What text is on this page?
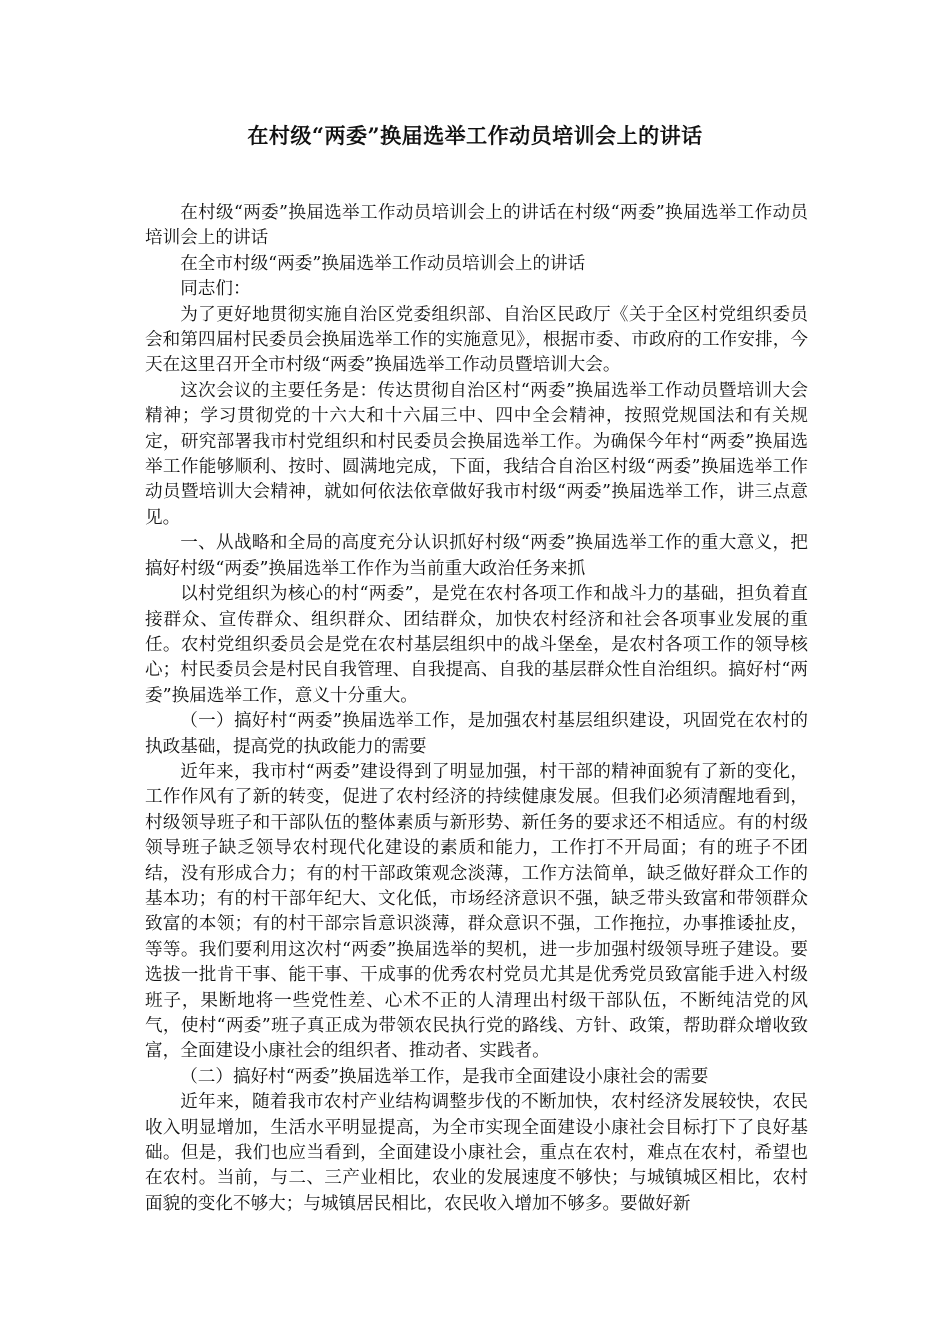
在村级“两委”换届选举工作动员培训会上的讲话

在村级“两委”换届选举工作动员培训会上的讲话在村级“两委”换届选举工作动员培训会上的讲话

在全市村级“两委”换届选举工作动员培训会上的讲话

同志们：

为了更好地贯彻实施自治区党委组织部、自治区民政厅《关于全区村党组织委员会和第四届村民委员会换届选举工作的实施意见》，根据市委、市政府的工作安排，今天在这里召开全市村级“两委”换届选举工作动员暨培训大会。

这次会议的主要任务是：传达贯彻自治区村“两委”换届选举工作动员暨培训大会精神；学习贯彻党的十六大和十六届三中、四中全会精神，按照党规国法和有关规定，研究部署我市村党组织和村民委员会换届选举工作。为确保今年村“两委”换届选举工作能够顺利、按时、圆满地完成，下面，我结合自治区村级“两委”换届选举工作动员暨培训大会精神，就如何依法依章做好我市村级“两委”换届选举工作，讲三点意见。

一、从战略和全局的高度充分认识抓好村级“两委”换届选举工作的重大意义，把搞好村级“两委”换届选举工作作为当前重大政治任务来抓

以村党组织为核心的村“两委”，是党在农村各项工作和战斗力的基础，担负着直接群众、宣传群众、组织群众、团结群众，加快农村经济和社会各项事业发展的重任。农村党组织委员会是党在农村基层组织中的战斗堡垒，是农村各项工作的领导核心；村民委员会是村民自我管理、自我提高、自我的基层群众性自治组织。搞好村“两委”换届选举工作，意义十分重大。

（一）搞好村“两委”换届选举工作，是加强农村基层组织建设，巩固党在农村的执政基础，提高党的执政能力的需要

近年来，我市村“两委”建设得到了明显加强，村干部的精神面貌有了新的变化，工作作风有了新的转变，促进了农村经济的持续健康发展。但我们必须清醒地看到，村级领导班子和干部队伍的整体素质与新形势、新任务的要求还不相适应。有的村级领导班子缺乏领导农村现代化建设的素质和能力，工作打不开局面；有的班子不团结，没有形成合力；有的村干部政策观念淡薄，工作方法简单，缺乏做好群众工作的基本功；有的村干部年纪大、文化低，市场经济意识不强，缺乏带头致富和带领群众致富的本领；有的村干部宗旨意识淡薄，群众意识不强，工作拖拉，办事推诿扯皮，等等。我们要利用这次村“两委”换届选举的契机，进一步加强村级领导班子建设。要选拔一批肯干事、能干事、干成事的优秀农村党员尤其是优秀党员致富能手进入村级班子，果断地将一些党性差、心术不正的人清理出村级干部队伍，不断纯洁党的风气，使村“两委”班子真正成为带领农民执行党的路线、方针、政策，帮助群众增收致富，全面建设小康社会的组织者、推动者、实践者。

（二）搞好村“两委”换届选举工作，是我市全面建设小康社会的需要

近年来，随着我市农村产业结构调整步伐的不断加快，农村经济发展较快，农民收入明显增加，生活水平明显提高，为全市实现全面建设小康社会目标打下了良好基础。但是，我们也应当看到，全面建设小康社会，重点在农村，难点在农村，希望也在农村。当前，与二、三产业相比，农业的发展速度不够快；与城镇城区相比，农村面貌的变化不够大；与城镇居民相比，农民收入增加不够多。要做好新
